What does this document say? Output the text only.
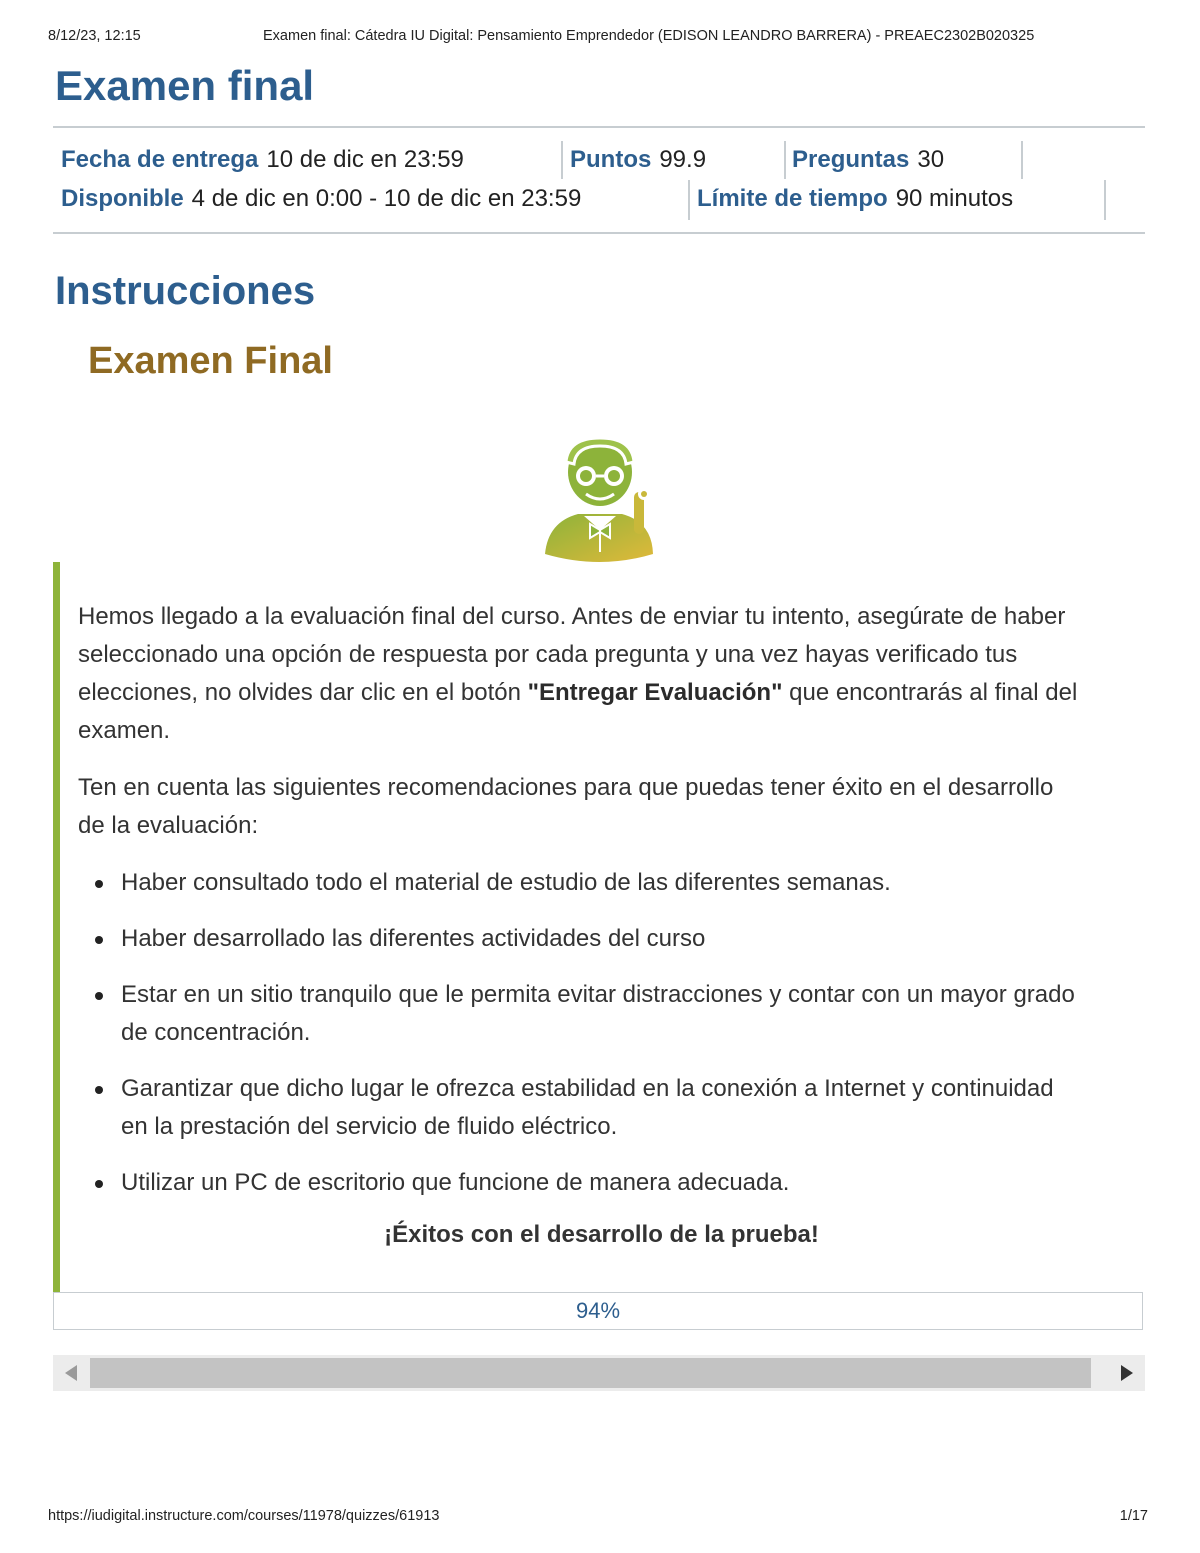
8/12/23, 12:15	Examen final: Cátedra IU Digital: Pensamiento Emprendedor (EDISON LEANDRO BARRERA) - PREAEC2302B020325
Examen final
Fecha de entrega 10 de dic en 23:59	Puntos 99.9	Preguntas 30
Disponible 4 de dic en 0:00 - 10 de dic en 23:59	Límite de tiempo 90 minutos
Instrucciones
Examen Final

Hemos llegado a la evaluación final del curso. Antes de enviar tu intento, asegúrate de haber seleccionado una opción de respuesta por cada pregunta y una vez hayas verificado tus elecciones, no olvides dar clic en el botón "Entregar Evaluación" que encontrarás al final del examen.

Ten en cuenta las siguientes recomendaciones para que puedas tener éxito en el desarrollo de la evaluación:

Haber consultado todo el material de estudio de las diferentes semanas.
Haber desarrollado las diferentes actividades del curso
Estar en un sitio tranquilo que le permita evitar distracciones y contar con un mayor grado de concentración.
Garantizar que dicho lugar le ofrezca estabilidad en la conexión a Internet y continuidad en la prestación del servicio de fluido eléctrico.
Utilizar un PC de escritorio que funcione de manera adecuada.
¡Éxitos con el desarrollo de la prueba!
94%
https://iudigital.instructure.com/courses/11978/quizzes/61913	1/17
